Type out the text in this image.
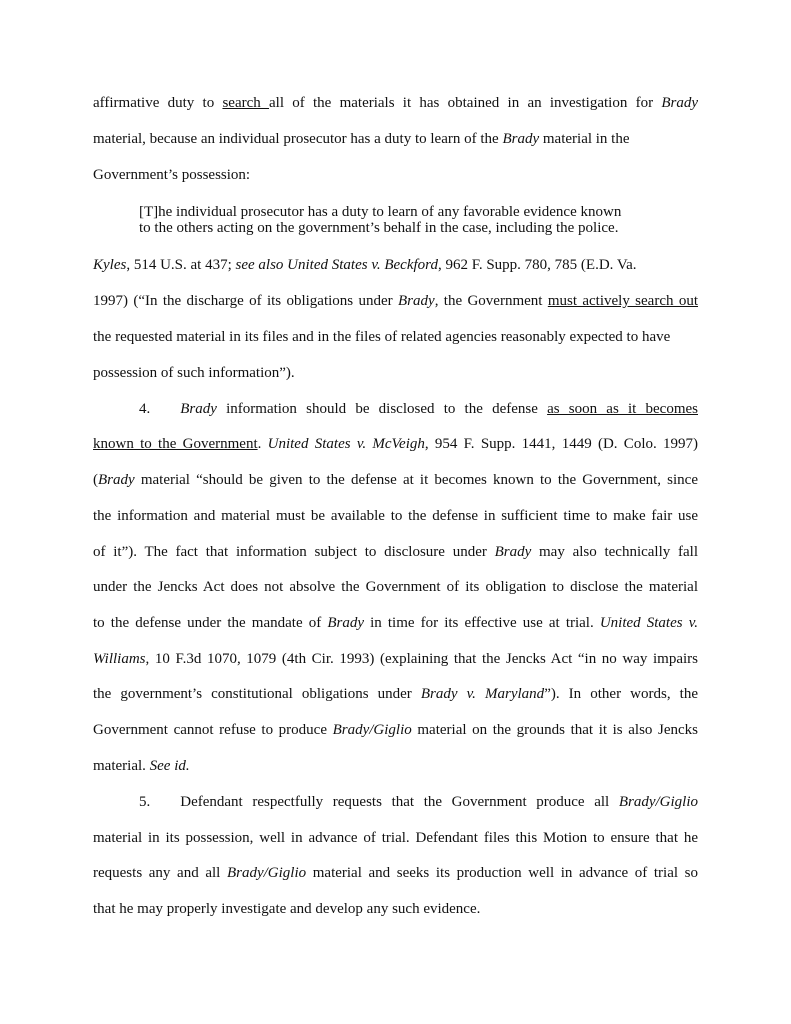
affirmative duty to search all of the materials it has obtained in an investigation for Brady
material, because an individual prosecutor has a duty to learn of the Brady material in the
Government’s possession:
[T]he individual prosecutor has a duty to learn of any favorable evidence known
to the others acting on the government’s behalf in the case, including the police.
Kyles, 514 U.S. at 437; see also United States v. Beckford, 962 F. Supp. 780, 785 (E.D. Va.
1997) (“In the discharge of its obligations under Brady, the Government must actively search out
the requested material in its files and in the files of related agencies reasonably expected to have
possession of such information”).
4. Brady information should be disclosed to the defense as soon as it becomes
known to the Government. United States v. McVeigh, 954 F. Supp. 1441, 1449 (D. Colo. 1997)
(Brady material “should be given to the defense at it becomes known to the Government, since
the information and material must be available to the defense in sufficient time to make fair use
of it”). The fact that information subject to disclosure under Brady may also technically fall
under the Jencks Act does not absolve the Government of its obligation to disclose the material
to the defense under the mandate of Brady in time for its effective use at trial. United States v.
Williams, 10 F.3d 1070, 1079 (4th Cir. 1993) (explaining that the Jencks Act “in no way impairs
the government’s constitutional obligations under Brady v. Maryland”). In other words, the
Government cannot refuse to produce Brady/Giglio material on the grounds that it is also Jencks
material. See id.
5. Defendant respectfully requests that the Government produce all Brady/Giglio
material in its possession, well in advance of trial. Defendant files this Motion to ensure that he
requests any and all Brady/Giglio material and seeks its production well in advance of trial so
that he may properly investigate and develop any such evidence.
